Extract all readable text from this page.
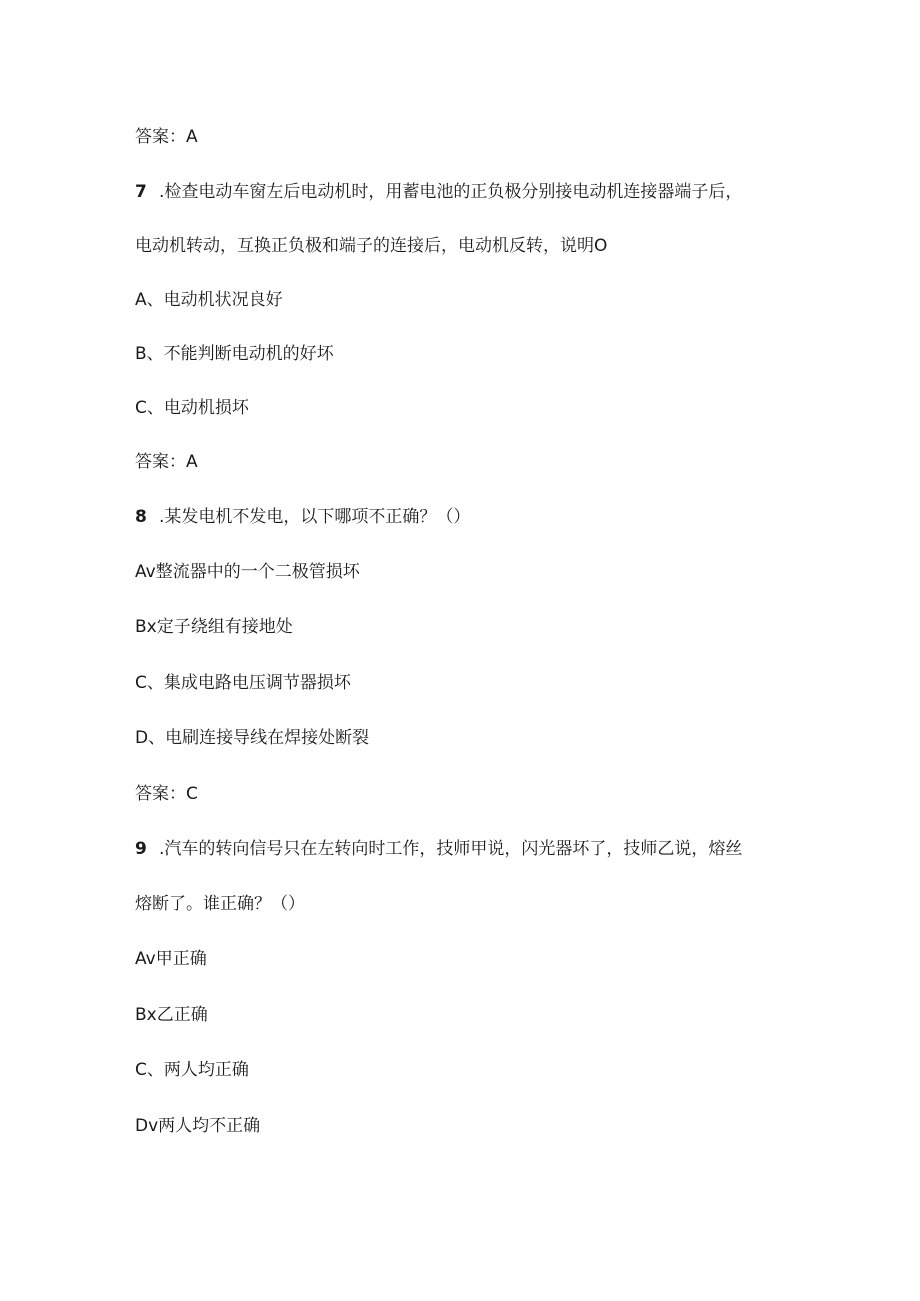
答案：A
7 .检查电动车窗左后电动机时，用蓄电池的正负极分别接电动机连接器端子后，
电动机转动，互换正负极和端子的连接后，电动机反转，说明O
A、电动机状况良好
B、不能判断电动机的好坏
C、电动机损坏
答案：A
8 .某发电机不发电，以下哪项不正确？（）
Av整流器中的一个二极管损坏
Bx定子绕组有接地处
C、集成电路电压调节器损坏
D、电刷连接导线在焊接处断裂
答案：C
9 .汽车的转向信号只在左转向时工作，技师甲说，闪光器坏了，技师乙说，熔丝
熔断了。谁正确？（）
Av甲正确
Bx乙正确
C、两人均正确
Dv两人均不正确
